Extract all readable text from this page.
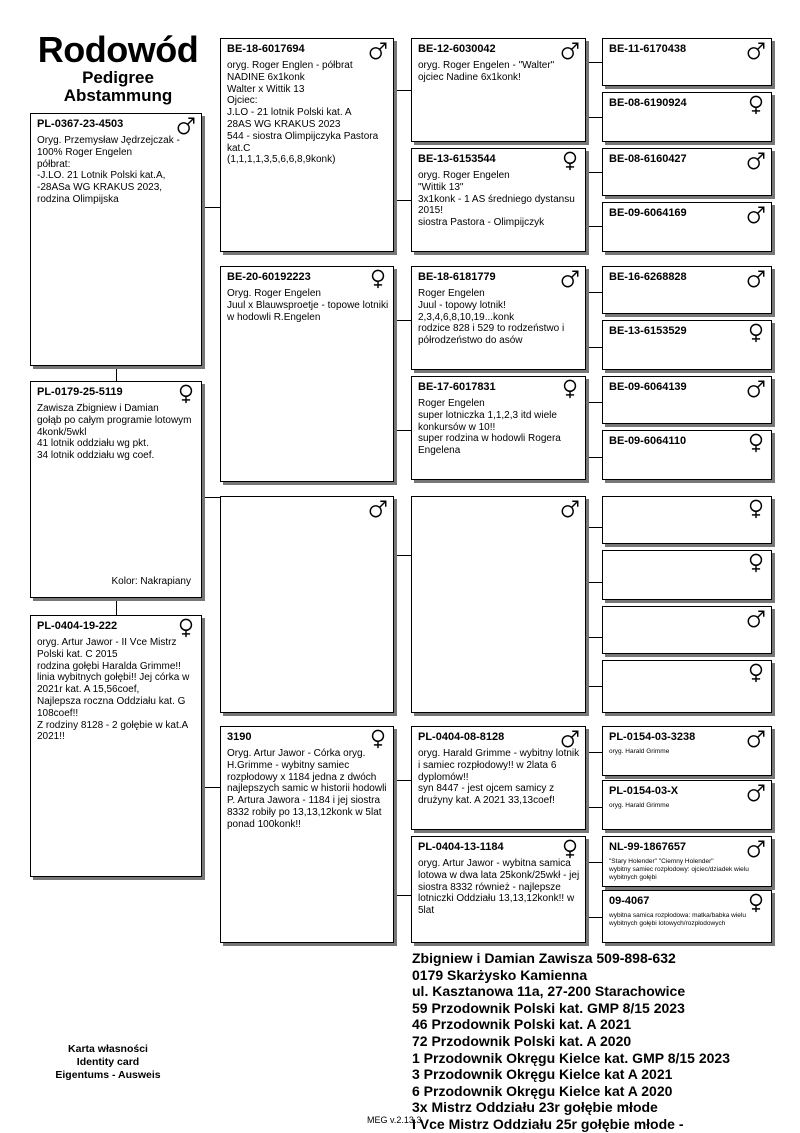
Rodowód
Pedigree
Abstammung
PL-0367-23-4503
Oryg. Przemysław Jędrzejczak - 100% Roger Engelen
półbrat:
-J.LO. 21 Lotnik Polski kat.A,
-28ASa WG KRAKUS 2023,
rodzina Olimpijska
PL-0179-25-5119
Zawisza Zbigniew i Damian
gołąb po całym programie lotowym
4konk/5wkl
41 lotnik oddziału wg pkt.
34 lotnik oddziału wg coef.
Kolor: Nakrapiany
PL-0404-19-222
oryg. Artur Jawor - II Vce Mistrz Polski kat. C 2015
rodzina gołębi Haralda Grimme!! linia wybitnych gołębi!! Jej córka w 2021r kat. A 15,56coef,
Najlepsza roczna Oddziału kat. G 108coef!!
Z rodziny 8128 - 2 gołębie w kat.A 2021!!
BE-18-6017694
oryg. Roger Englen - półbrat NADINE 6x1konk
Walter x Wittik 13
Ojciec:
J.LO - 21 lotnik Polski kat. A
28AS WG KRAKUS 2023
544 - siostra Olimpijczyka Pastora kat.C
(1,1,1,1,3,5,6,6,8,9konk)
BE-20-60192223
Oryg. Roger Engelen
Juul x Blauwsproetje - topowe lotniki w hodowli R.Engelen
3190
Oryg. Artur Jawor - Córka oryg. H.Grimme - wybitny samiec rozpłodowy x 1184 jedna z dwóch najlepszych samic w historii hodowli P. Artura Jawora - 1184 i jej siostra 8332 robiły po 13,13,12konk w 5lat ponad 100konk!!
BE-12-6030042
oryg. Roger Engelen - "Walter"
ojciec Nadine 6x1konk!
BE-13-6153544
oryg. Roger Engelen
"Wittik 13"
3x1konk - 1 AS średniego dystansu 2015!
siostra Pastora - Olimpijczyk
BE-18-6181779
Roger Engelen
Juul - topowy lotnik!
2,3,4,6,8,10,19...konk
rodzice 828 i 529 to rodzeństwo i półrodzeństwo do asów
BE-17-6017831
Roger Engelen
super lotniczka 1,1,2,3 itd wiele konkursów w 10!!
super rodzina w hodowli Rogera Engelena
PL-0404-08-8128
oryg. Harald Grimme - wybitny lotnik i samiec rozpłodowy!! w 2lata 6 dyplomów!!
syn 8447 - jest ojcem samicy z drużyny kat. A 2021 33,13coef!
PL-0404-13-1184
oryg. Artur Jawor - wybitna samica lotowa w dwa lata 25konk/25wkł - jej siostra 8332 również - najlepsze lotniczki Oddziału 13,13,12konk!! w 5lat
BE-11-6170438
BE-08-6190924
BE-08-6160427
BE-09-6064169
BE-16-6268828
BE-13-6153529
BE-09-6064139
BE-09-6064110
PL-0154-03-3238
oryg. Harald Grimme
PL-0154-03-X
oryg. Harald Grimme
NL-99-1867657
"Stary Holender" "Ciemny Holender"
wybitny samiec rozpłodowy: ojciec/dziadek wielu wybitnych gołębi
09-4067
wybitna samica rozpłodowa: matka/babka wielu wybitnych gołębi lotowych/rozpłodowych
Zbigniew i Damian Zawisza 509-898-632
0179 Skarżysko Kamienna
ul. Kasztanowa 11a, 27-200 Starachowice
59 Przodownik Polski kat. GMP 8/15 2023
46 Przodownik Polski kat. A 2021
72 Przodownik Polski kat. A 2020
1 Przodownik Okręgu Kielce kat. GMP 8/15 2023
3 Przodownik Okręgu Kielce kat A 2021
6 Przodownik Okręgu Kielce kat A 2020
3x Mistrz Oddziału 23r gołębie młode
I Vce Mistrz Oddziału 25r gołębie młode -
Karta własności
Identity card
Eigentums - Ausweis
MEG v.2.13.3
